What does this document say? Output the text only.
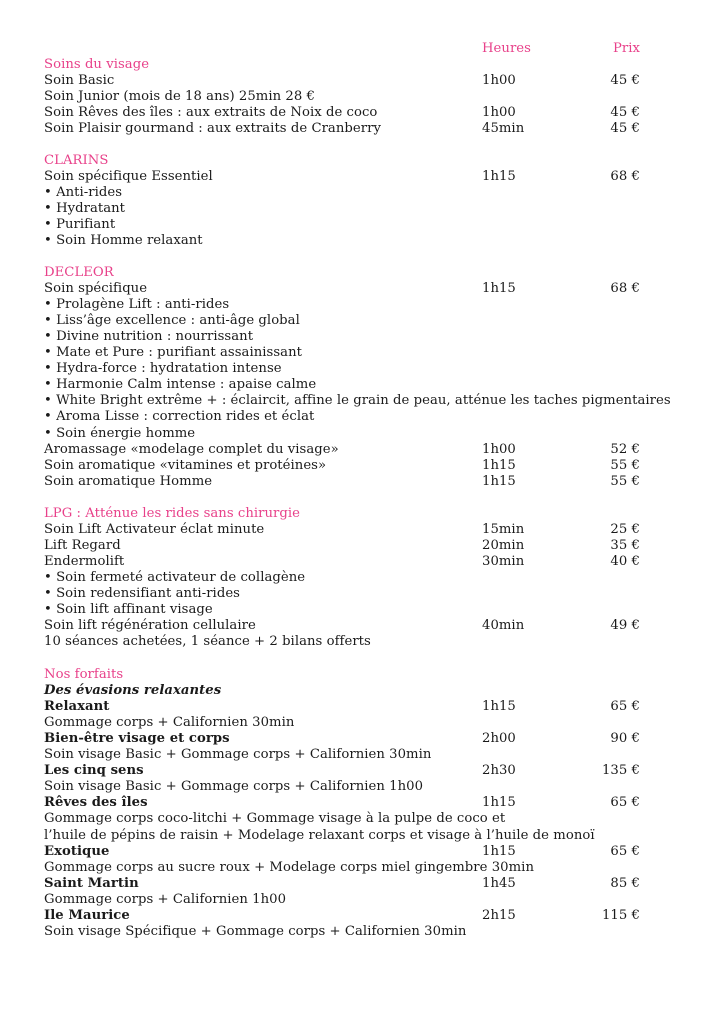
Heures	Prix
Soins du visage
Soin Basic	1h00	45 €
Soin Junior (mois de 18 ans) 25min 28 €
Soin Rêves des îles : aux extraits de Noix de coco	1h00	45 €
Soin Plaisir gourmand : aux extraits de Cranberry	45min	45 €
CLARINS
Soin spécifique Essentiel	1h15	68 €
• Anti-rides
• Hydratant
• Purifiant
• Soin Homme relaxant
DECLEOR
Soin spécifique	1h15	68 €
• Prolagène Lift : anti-rides
• Liss’âge excellence : anti-âge global
• Divine nutrition : nourrissant
• Mate et Pure : purifiant assainissant
• Hydra-force : hydratation intense
• Harmonie Calm intense : apaise calme
• White Bright extrême + : éclaircit, affine le grain de peau, atténue les taches pigmentaires
• Aroma Lisse : correction rides et éclat
• Soin énergie homme
Aromassage «modelage complet du visage»	1h00	52 €
Soin aromatique «vitamines et protéines»	1h15	55 €
Soin aromatique Homme	1h15	55 €
LPG : Atténue les rides sans chirurgie
Soin Lift Activateur éclat minute	15min	25 €
Lift Regard	20min	35 €
Endermolift	30min	40 €
• Soin fermeté activateur de collagène
• Soin redensifiant anti-rides
• Soin lift affinant visage
Soin lift régénération cellulaire	40min	49 €
10 séances achetées, 1 séance + 2 bilans offerts
Nos forfaits
Des évasions relaxantes
Relaxant	1h15	65 €
Gommage corps + Californien 30min
Bien-être visage et corps	2h00	90 €
Soin visage Basic + Gommage corps + Californien 30min
Les cinq sens	2h30	135 €
Soin visage Basic + Gommage corps + Californien 1h00
Rêves des îles	1h15	65 €
Gommage corps coco-litchi + Gommage visage à la pulpe de coco et
l’huile de pépins de raisin + Modelage relaxant corps et visage à l’huile de monoï
Exotique	1h15	65 €
Gommage corps au sucre roux + Modelage corps miel gingembre 30min
Saint Martin	1h45	85 €
Gommage corps + Californien 1h00
Ile Maurice	2h15	115 €
Soin visage Spécifique + Gommage corps + Californien 30min
